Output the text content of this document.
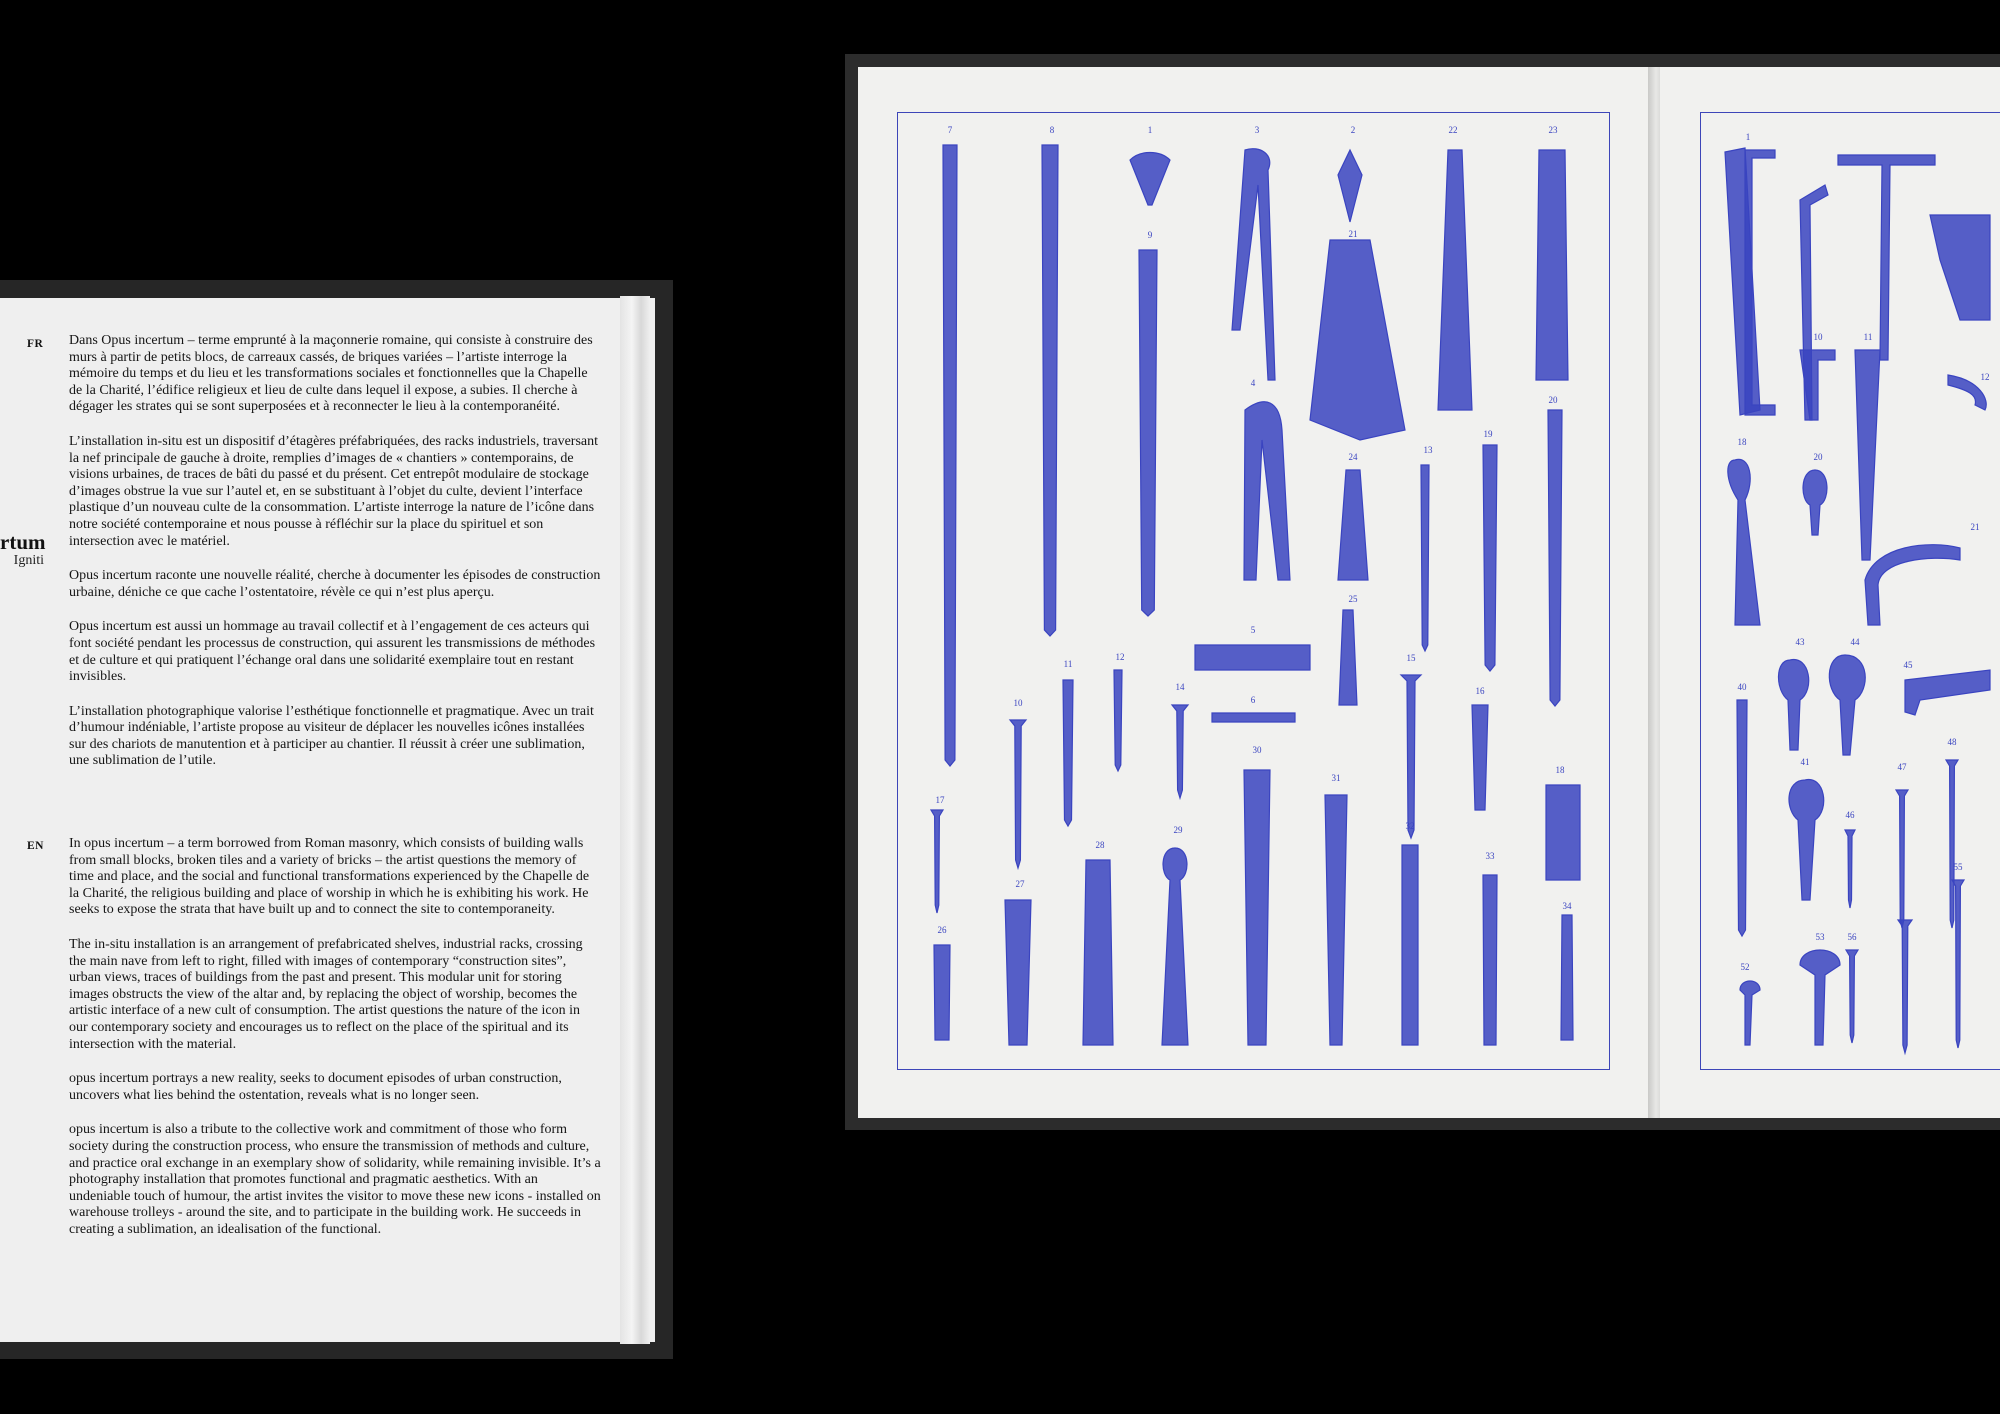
rtum
Igniti
FR Dans Opus incertum – terme emprunté à la maçonnerie romaine, qui consiste à construire des murs à partir de petits blocs, de carreaux cassés, de briques variées – l’artiste interroge la mémoire du temps et du lieu et les transformations sociales et fonctionnelles que la Chapelle de la Charité, l’édifice religieux et lieu de culte dans lequel il expose, a subies. Il cherche à dégager les strates qui se sont superposées et à reconnecter le lieu à la contemporanéité.

L’installation in-situ est un dispositif d’étagères préfabriquées, des racks industriels, traversant la nef principale de gauche à droite, remplies d’images de « chantiers » contemporains, de visions urbaines, de traces de bâti du passé et du présent. Cet entrepôt modulaire de stockage d’images obstrue la vue sur l’autel et, en se substituant à l’objet du culte, devient l’interface plastique d’un nouveau culte de la consommation. L’artiste interroge la nature de l’icône dans notre société contemporaine et nous pousse à réfléchir sur la place du spirituel et son intersection avec le matériel.

Opus incertum raconte une nouvelle réalité, cherche à documenter les épisodes de construction urbaine, déniche ce que cache l’ostentatoire, révèle ce qui n’est plus aperçu.

Opus incertum est aussi un hommage au travail collectif et à l’engagement de ces acteurs qui font société pendant les processus de construction, qui assurent les transmissions de méthodes et de culture et qui pratiquent l’échange oral dans une solidarité exemplaire tout en restant invisibles.

L’installation photographique valorise l’esthétique fonctionnelle et pragmatique. Avec un trait d’humour indéniable, l’artiste propose au visiteur de déplacer les nouvelles icônes installées sur des chariots de manutention et à participer au chantier. Il réussit à créer une sublimation, une sublimation de l’utile.

EN In opus incertum – a term borrowed from Roman masonry, which consists of building walls from small blocks, broken tiles and a variety of bricks – the artist questions the memory of time and place, and the social and functional transformations experienced by the Chapelle de la Charité, the religious building and place of worship in which he is exhibiting his work. He seeks to expose the strata that have built up and to connect the site to contemporaneity.

The in-situ installation is an arrangement of prefabricated shelves, industrial racks, crossing the main nave from left to right, filled with images of contemporary “construction sites”, urban views, traces of buildings from the past and present. This modular unit for storing images obstructs the view of the altar and, by replacing the object of worship, becomes the artistic interface of a new cult of consumption. The artist questions the nature of the icon in our contemporary society and encourages us to reflect on the place of the spiritual and its intersection with the material.

opus incertum portrays a new reality, seeks to document episodes of urban construction, uncovers what lies behind the ostentation, reveals what is no longer seen.

opus incertum is also a tribute to the collective work and commitment of those who form society during the construction process, who ensure the transmission of methods and culture, and practice oral exchange in an exemplary show of solidarity, while remaining invisible. It’s a photography installation that promotes functional and pragmatic aesthetics. With an undeniable touch of humour, the artist invites the visitor to move these new icons - installed on warehouse trolleys - around the site, and to participate in the building work. He succeeds in creating a sublimation, an idealisation of the functional.

7	8	1	3	2	22	23
9	21
4
24
13
19
20
25
5
6
11
12
10
14
15
16
17
18
27
28
29
30
31
32
33
26
34
1
10	11
12
18
20
21
43	44
40
45
41
46
47
48
55
56
53
52
